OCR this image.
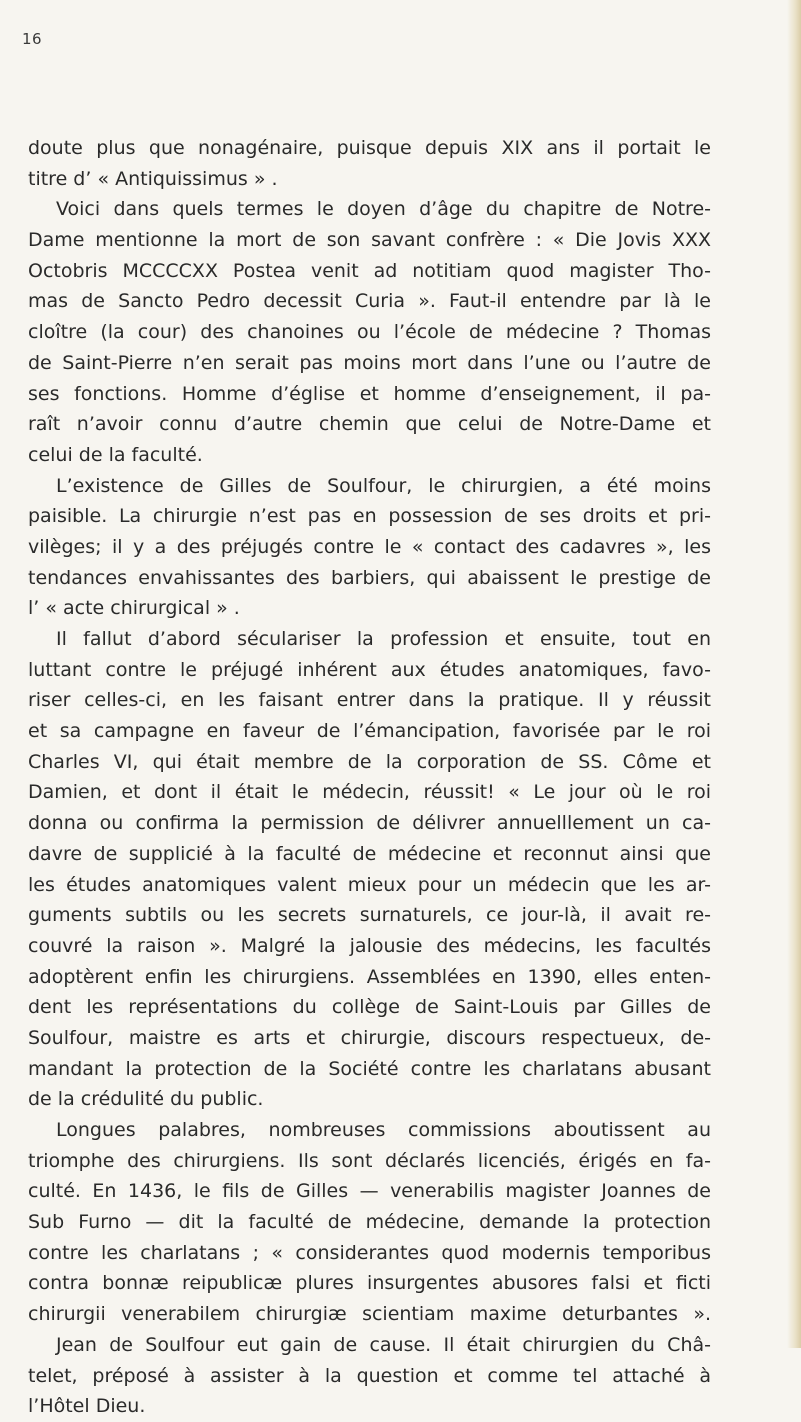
16
doute plus que nonagénaire, puisque depuis XIX ans il portait le
titre d’ « Antiquissimus » .
Voici dans quels termes le doyen d’âge du chapitre de Notre-
Dame mentionne la mort de son savant confrère : « Die Jovis XXX
Octobris MCCCCXX Postea venit ad notitiam quod magister Tho-
mas de Sancto Pedro decessit Curia ». Faut-il entendre par là le
cloître (la cour) des chanoines ou l’école de médecine ? Thomas
de Saint-Pierre n’en serait pas moins mort dans l’une ou l’autre de
ses fonctions. Homme d’église et homme d’enseignement, il pa-
raît n’avoir connu d’autre chemin que celui de Notre-Dame et
celui de la faculté.
L’existence de Gilles de Soulfour, le chirurgien, a été moins
paisible. La chirurgie n’est pas en possession de ses droits et pri-
vilèges; il y a des préjugés contre le « contact des cadavres », les
tendances envahissantes des barbiers, qui abaissent le prestige de
l’ « acte chirurgical » .
Il fallut d’abord séculariser la profession et ensuite, tout en
luttant contre le préjugé inhérent aux études anatomiques, favo-
riser celles-ci, en les faisant entrer dans la pratique. Il y réussit
et sa campagne en faveur de l’émancipation, favorisée par le roi
Charles VI, qui était membre de la corporation de SS. Côme et
Damien, et dont il était le médecin, réussit! « Le jour où le roi
donna ou confirma la permission de délivrer annuelllement un ca-
davre de supplicié à la faculté de médecine et reconnut ainsi que
les études anatomiques valent mieux pour un médecin que les ar-
guments subtils ou les secrets surnaturels, ce jour-là, il avait re-
couvré la raison ». Malgré la jalousie des médecins, les facultés
adoptèrent enfin les chirurgiens. Assemblées en 1390, elles enten-
dent les représentations du collège de Saint-Louis par Gilles de
Soulfour, maistre es arts et chirurgie, discours respectueux, de-
mandant la protection de la Société contre les charlatans abusant
de la crédulité du public.
Longues palabres, nombreuses commissions aboutissent au
triomphe des chirurgiens. Ils sont déclarés licenciés, érigés en fa-
culté. En 1436, le fils de Gilles — venerabilis magister Joannes de
Sub Furno — dit la faculté de médecine, demande la protection
contre les charlatans ; « considerantes quod modernis temporibus
contra bonnæ reipublicæ plures insurgentes abusores falsi et ficti
chirurgii venerabilem chirurgiæ scientiam maxime deturbantes ».
Jean de Soulfour eut gain de cause. Il était chirurgien du Châ-
telet, préposé à assister à la question et comme tel attaché à
l’Hôtel Dieu.
